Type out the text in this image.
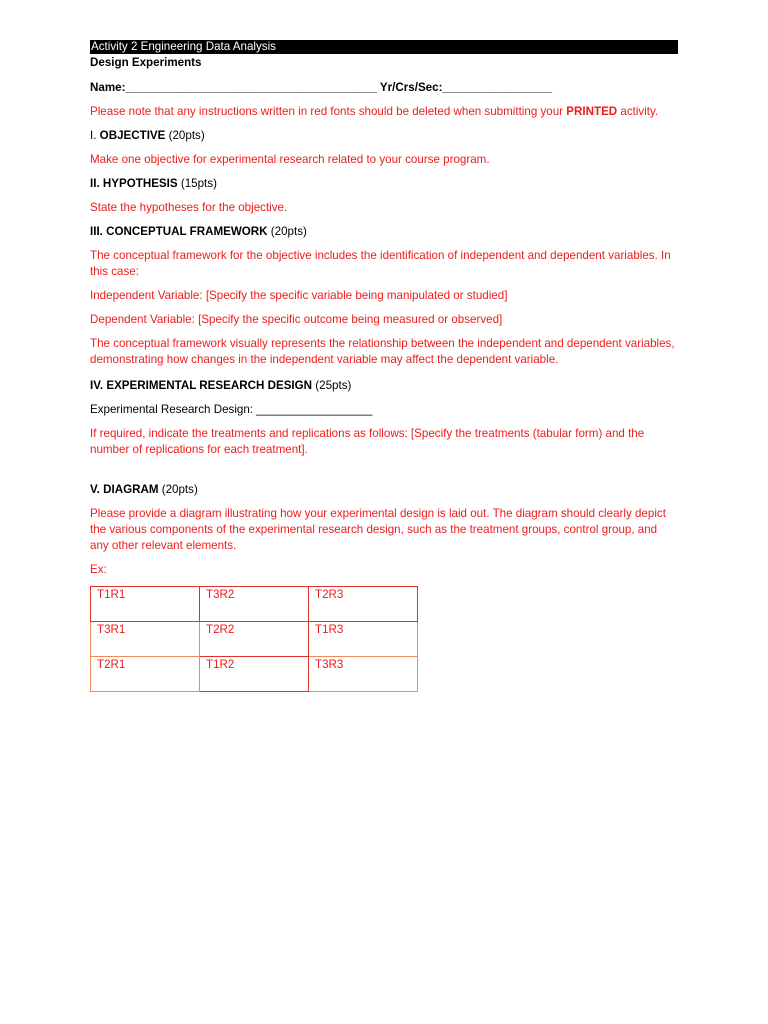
Activity 2 Engineering Data Analysis

Design Experiments

Name:_______________________________________ Yr/Crs/Sec:_________________

Please note that any instructions written in red fonts should be deleted when submitting your PRINTED activity.

I. OBJECTIVE (20pts)

Make one objective for experimental research related to your course program.

II. HYPOTHESIS (15pts)

State the hypotheses for the objective.

III. CONCEPTUAL FRAMEWORK (20pts)

The conceptual framework for the objective includes the identification of independent and dependent variables. In this case:

Independent Variable: [Specify the specific variable being manipulated or studied]

Dependent Variable: [Specify the specific outcome being measured or observed]

The conceptual framework visually represents the relationship between the independent and dependent variables, demonstrating how changes in the independent variable may affect the dependent variable.

IV. EXPERIMENTAL RESEARCH DESIGN (25pts)

Experimental Research Design: __________________

If required, indicate the treatments and replications as follows: [Specify the treatments (tabular form) and the number of replications for each treatment].

V. DIAGRAM (20pts)

Please provide a diagram illustrating how your experimental design is laid out. The diagram should clearly depict the various components of the experimental research design, such as the treatment groups, control group, and any other relevant elements.

Ex:

T1R1	T3R2	T2R3
T3R1	T2R2	T1R3
T2R1	T1R2	T3R3
